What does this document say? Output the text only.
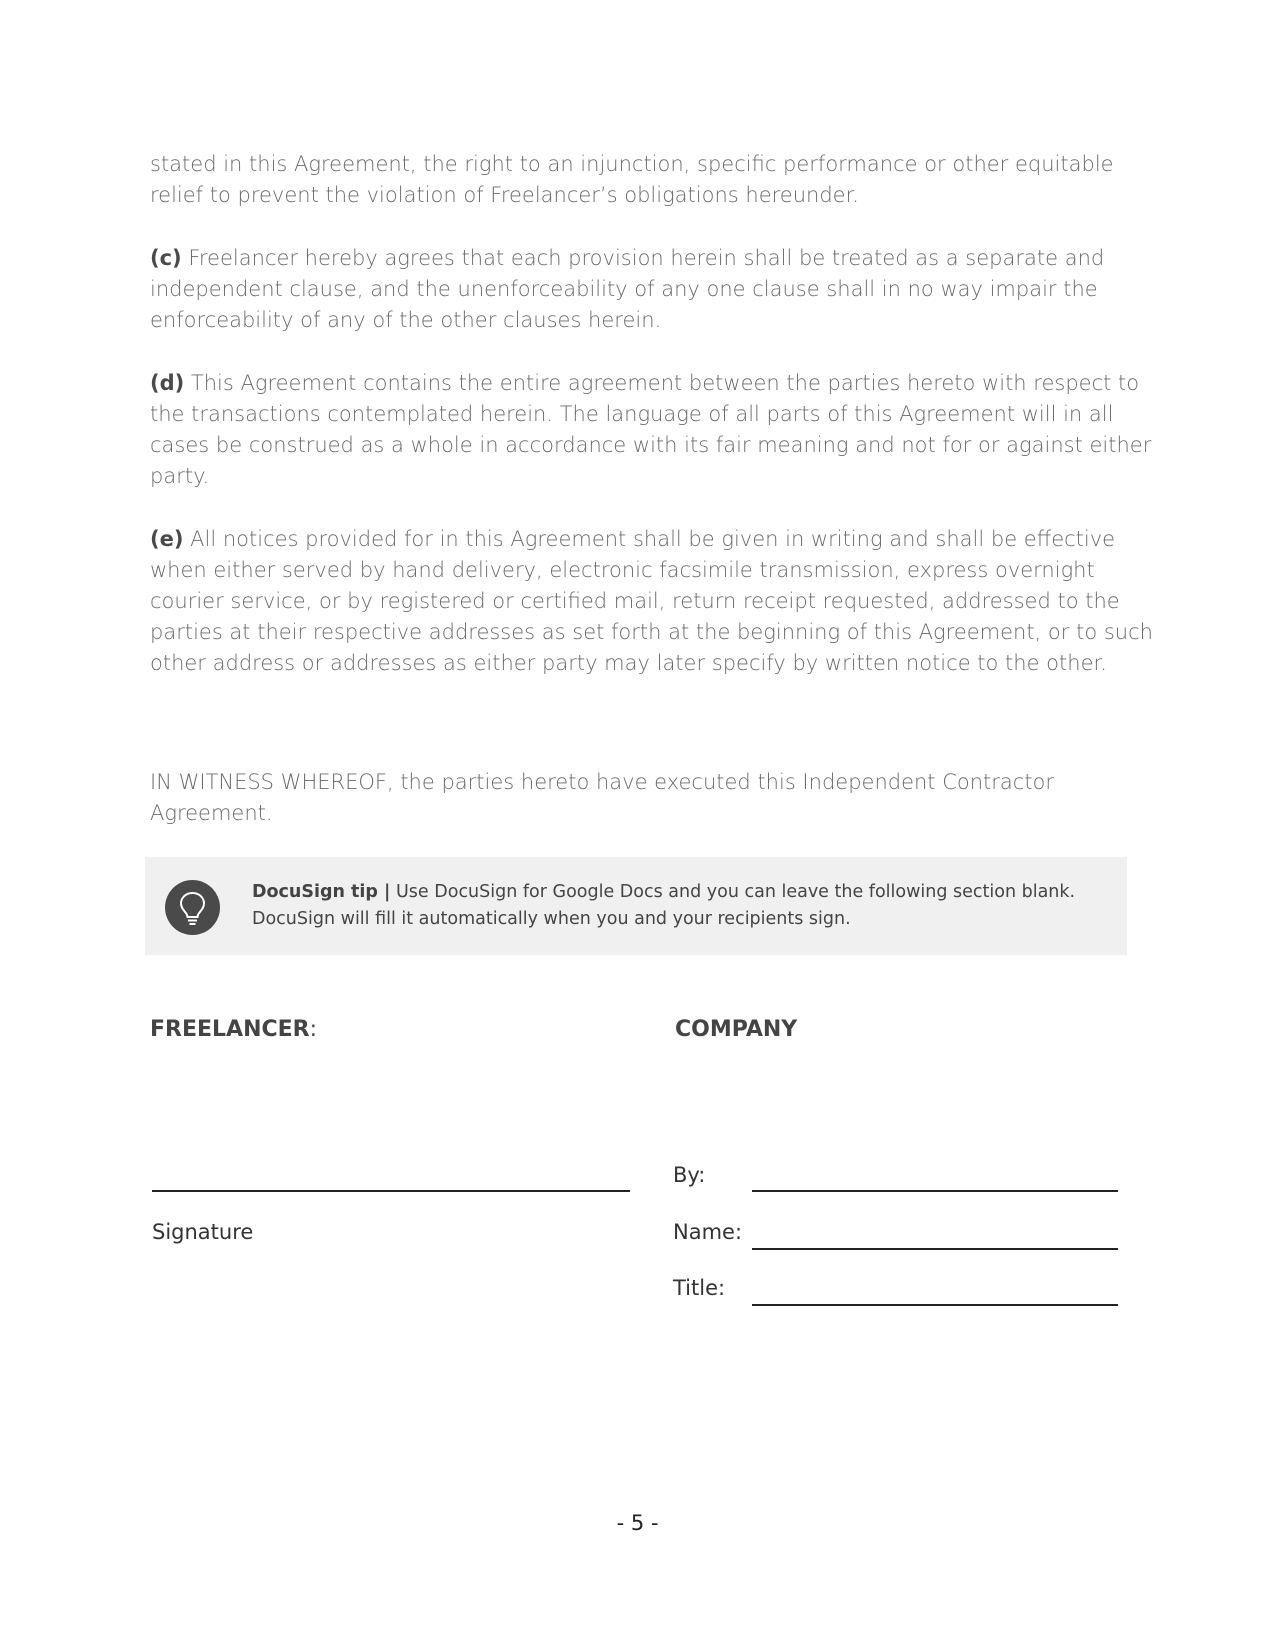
stated in this Agreement, the right to an injunction, specific performance or other equitable relief to prevent the violation of Freelancer’s obligations hereunder.

(c) Freelancer hereby agrees that each provision herein shall be treated as a separate and independent clause, and the unenforceability of any one clause shall in no way impair the enforceability of any of the other clauses herein.

(d) This Agreement contains the entire agreement between the parties hereto with respect to the transactions contemplated herein. The language of all parts of this Agreement will in all cases be construed as a whole in accordance with its fair meaning and not for or against either party.

(e) All notices provided for in this Agreement shall be given in writing and shall be effective when either served by hand delivery, electronic facsimile transmission, express overnight courier service, or by registered or certified mail, return receipt requested, addressed to the parties at their respective addresses as set forth at the beginning of this Agreement, or to such other address or addresses as either party may later specify by written notice to the other.

IN WITNESS WHEREOF, the parties hereto have executed this Independent Contractor Agreement.

DocuSign tip | Use DocuSign for Google Docs and you can leave the following section blank. DocuSign will fill it automatically when you and your recipients sign.
FREELANCER:	COMPANY
Signature
By:
Name:
Title:
- 5 -
